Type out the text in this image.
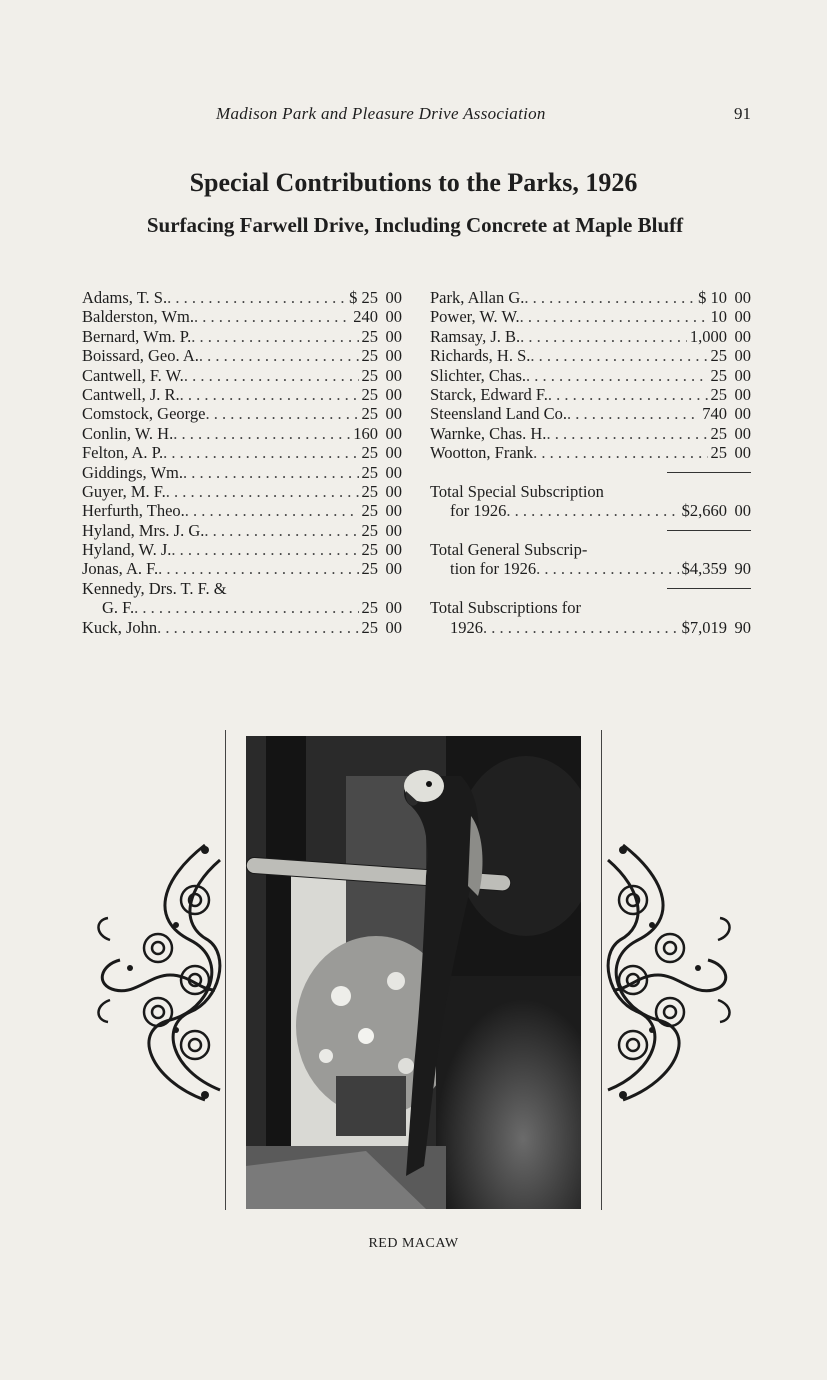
Madison Park and Pleasure Drive Association	91
Special Contributions to the Parks, 1926
Surfacing Farwell Drive, Including Concrete at Maple Bluff
Adams, T. S. . . .	$ 25 00
Balderston, Wm. . . .	240 00
Bernard, Wm. P. . . .	25 00
Boissard, Geo. A. . . .	25 00
Cantwell, F. W. . . .	25 00
Cantwell, J. R. . . .	25 00
Comstock, George . . .	25 00
Conlin, W. H. . . .	160 00
Felton, A. P. . . .	25 00
Giddings, Wm. . . .	25 00
Guyer, M. F. . . .	25 00
Herfurth, Theo. . . .	25 00
Hyland, Mrs. J. G. . . .	25 00
Hyland, W. J. . . .	25 00
Jonas, A. F. . . .	25 00
Kennedy, Drs. T. F. &
G. F. . . .	25 00
Kuck, John . . .	25 00
Park, Allan G. . . .	$ 10 00
Power, W. W. . . .	10 00
Ramsay, J. B. . . .	1,000 00
Richards, H. S. . . .	25 00
Slichter, Chas. . . .	25 00
Starck, Edward F. . . .	25 00
Steensland Land Co. . . .	740 00
Warnke, Chas. H. . . .	25 00
Wootton, Frank . . .	25 00
Total Special Subscription
for 1926 . . .	$2,660 00
Total General Subscrip-
tion for 1926 . . .	$4,359 90
Total Subscriptions for
1926 . . .	$7,019 90
RED MACAW
